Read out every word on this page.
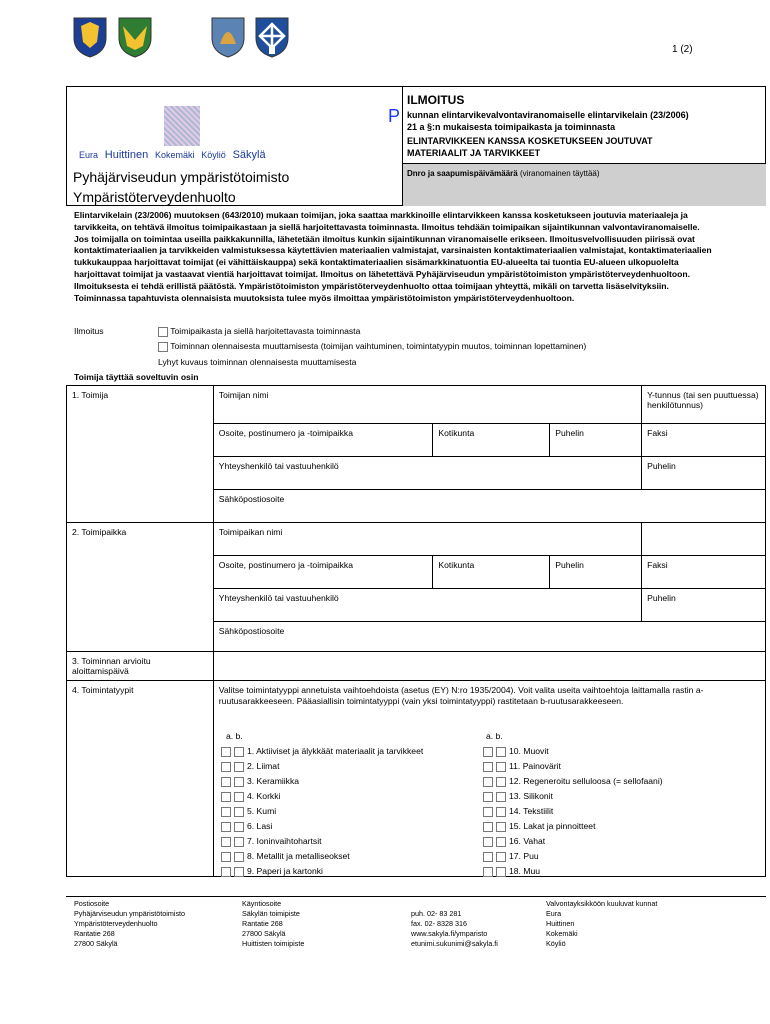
1 (2)
Eura Huittinen Kokemäki Köyliö Säkylä
Pyhäjärviseudun ympäristötoimisto
Ympäristöterveydenhuolto
ILMOITUS
kunnan elintarvikevalvontaviranomaiselle elintarvikelain (23/2006) 21 a §:n mukaisesta toimipaikasta ja toiminnasta
ELINTARVIKKEEN KANSSA KOSKETUKSEEN JOUTUVAT MATERIAALIT JA TARVIKKEET
Dnro ja saapumispäivämäärä (viranomainen täyttää)
P
Elintarvikelain (23/2006) muutoksen (643/2010) mukaan toimijan, joka saattaa markkinoille elintarvikkeen kanssa kosketukseen joutuvia materiaaleja ja tarvikkeita, on tehtävä ilmoitus toimipaikastaan ja siellä harjoitettavasta toiminnasta. Ilmoitus tehdään toimipaikan sijaintikunnan valvontaviranomaiselle. Jos toimijalla on toimintaa useilla paikkakunnilla, lähetetään ilmoitus kunkin sijaintikunnan viranomaiselle erikseen. Ilmoitusvelvollisuuden piirissä ovat kontaktimateriaalien ja tarvikkeiden valmistuksessa käytettävien materiaalien valmistajat, varsinaisten kontaktimateriaalien valmistajat, kontaktimateriaalien tukkukauppaa harjoittavat toimijat (ei vähittäiskauppa) sekä kontaktimateriaalien sisämarkkinatuontia EU-alueelta tai tuontia EU-alueen ulkopuolelta harjoittavat toimijat ja vastaavat vientiä harjoittavat toimijat. Ilmoitus on lähetettävä Pyhäjärviseudun ympäristötoimiston ympäristöterveydenhuoltoon. Ilmoituksesta ei tehdä erillistä päätöstä. Ympäristötoimiston ympäristöterveydenhuolto ottaa toimijaan yhteyttä, mikäli on tarvetta lisäselvityksiin. Toiminnassa tapahtuvista olennaisista muutoksista tulee myös ilmoittaa ympäristötoimiston ympäristöterveydenhuoltoon.
Ilmoitus	Toimipaikasta ja siellä harjoitettavasta toiminnasta
Toiminnan olennaisesta muuttamisesta (toimijan vaihtuminen, toimintatyypin muutos, toiminnan lopettaminen)
Lyhyt kuvaus toiminnan olennaisesta muuttamisesta
Toimija täyttää soveltuvin osin
1. Toimija	Toimijan nimi			Y-tunnus (tai sen puuttuessa) henkilötunnus)
	Osoite, postinumero ja -toimipaikka	Kotikunta	Puhelin	Faksi
	Yhteyshenkilö tai vastuuhenkilö			Puhelin
	Sähköpostiosoite			
2. Toimipaikka	Toimipaikan nimi			
	Osoite, postinumero ja -toimipaikka	Kotikunta	Puhelin	Faksi
	Yhteyshenkilö tai vastuuhenkilö			Puhelin
	Sähköpostiosoite			
3. Toiminnan arvioitu aloittamispäivä				
4. Toimintatyypit	Valitse toimintatyyppi annetuista vaihtoehdoista (asetus (EY) N:ro 1935/2004). Voit valita useita vaihtoehtoja laittamalla rastin a-ruutusarakkeeseen. Pääasiallisin toimintatyyppi (vain yksi toimintatyyppi) rastitetaan b-ruutusarakkeeseen.			
a. b.	a. b.
1. Aktiiviset ja älykkäät materiaalit ja tarvikkeet
2. Liimat
3. Keramiikka
4. Korkki
5. Kumi
6. Lasi
7. Ioninvaihtohartsit
8. Metallit ja metalliseokset
9. Paperi ja kartonki
10. Muovit
11. Painovärit
12. Regeneroitu selluloosa (= sellofaani)
13. Silikonit
14. Tekstiilit
15. Lakat ja pinnoitteet
16. Vahat
17. Puu
18. Muu
Postiosoite
Pyhäjärviseudun ympäristötoimisto
Ympäristöterveydenhuolto
Rantatie 268
27800 Säkylä
Käyntiosoite
Säkylän toimipiste
Rantatie 268
27800 Säkylä
Huittisten toimipiste
puh. 02- 83 281
fax. 02- 8328 316
www.sakyla.fi/ymparisto
etunimi.sukunimi@sakyla.fi
Valvontayksikköön kuuluvat kunnat
Eura
Huittinen
Kokemäki
Köyliö
